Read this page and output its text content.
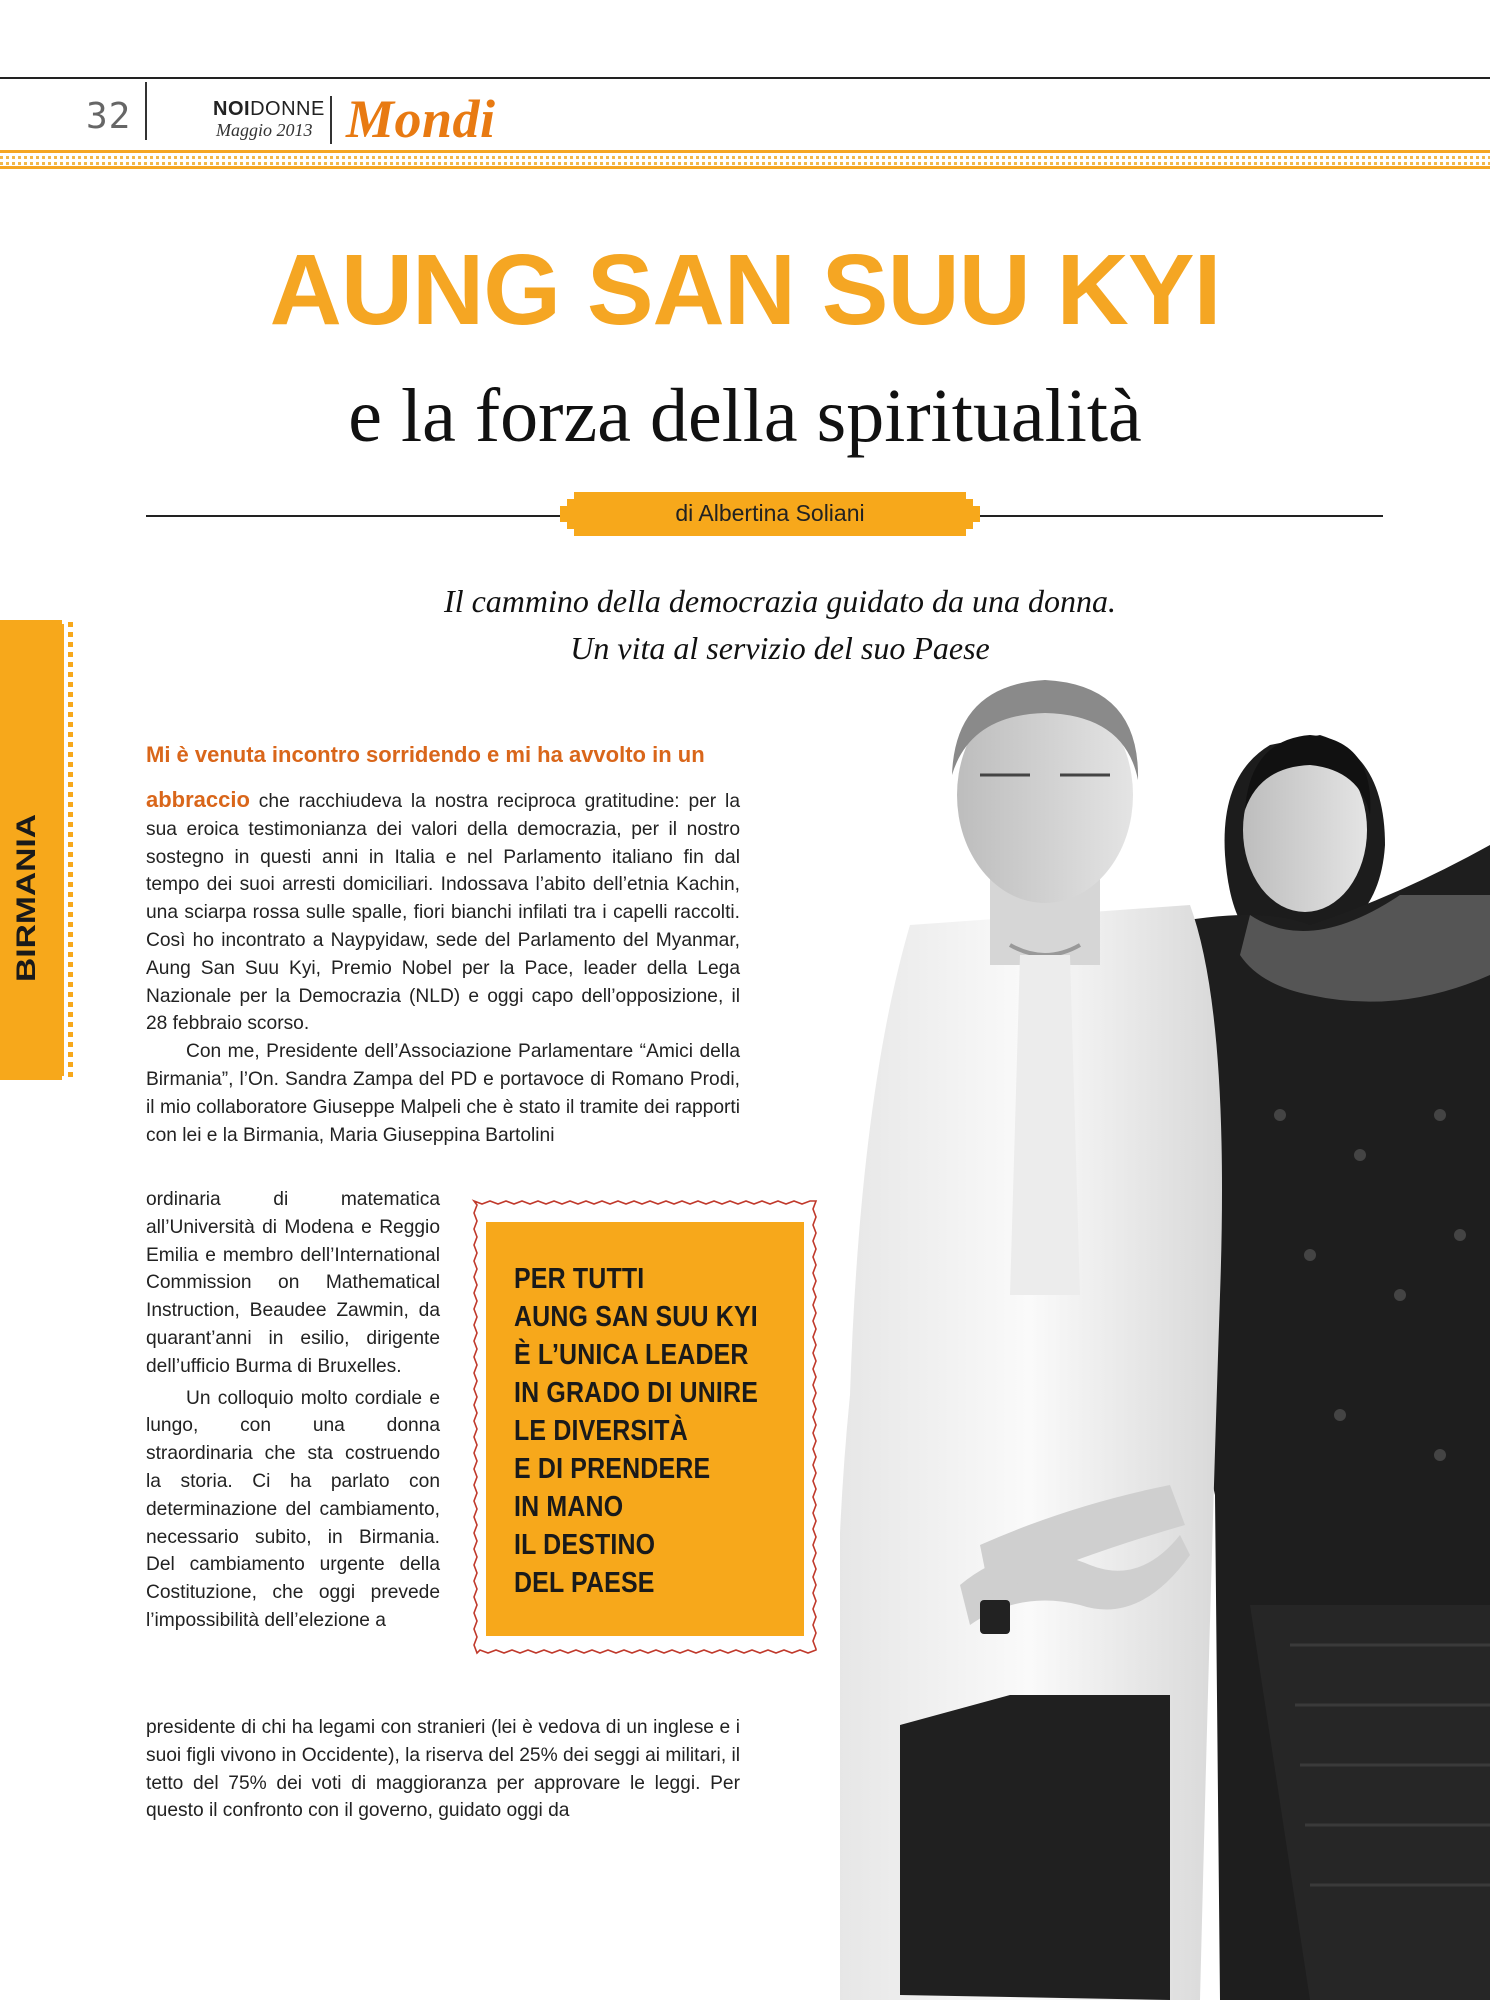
32	NOIDONNE
Maggio 2013 Mondi
AUNG SAN SUU KYI
e la forza della spiritualità
di Albertina Soliani
Il cammino della democrazia guidato da una donna.
Un vita al servizio del suo Paese
BIRMANIA
Mi è venuta incontro sorridendo e mi ha avvolto in un

abbraccio che racchiudeva la nostra reciproca gratitudine: per la sua eroica testimonianza dei valori della democrazia, per il nostro sostegno in questi anni in Italia e nel Parlamento italiano fin dal tempo dei suoi arresti domiciliari. Indossava l’abito dell’etnia Kachin, una sciarpa rossa sulle spalle, fiori bianchi infilati tra i capelli raccolti. Così ho incontrato a Naypyidaw, sede del Parlamento del Myanmar, Aung San Suu Kyi, Premio Nobel per la Pace, leader della Lega Nazionale per la Democrazia (NLD) e oggi capo dell’opposizione, il 28 febbraio scorso.

Con me, Presidente dell’Associazione Parlamentare “Amici della Birmania”, l’On. Sandra Zampa del PD e portavoce di Romano Prodi, il mio collaboratore Giuseppe Malpeli che è stato il tramite dei rapporti con lei e la Birmania, Maria Giuseppina Bartolini

ordinaria di matematica all’Università di Modena e Reggio Emilia e membro dell’International Commission on Mathematical Instruction, Beaudee Zawmin, da quarant’anni in esilio, dirigente dell’ufficio Burma di Bruxelles.

Un colloquio molto cordiale e lungo, con una donna straordinaria che sta costruendo la storia. Ci ha parlato con determinazione del cambiamento, necessario subito, in Birmania. Del cambiamento urgente della Costituzione, che oggi prevede l’impossibilità dell’elezione a

presidente di chi ha legami con stranieri (lei è vedova di un inglese e i suoi figli vivono in Occidente), la riserva del 25% dei seggi ai militari, il tetto del 75% dei voti di maggioranza per approvare le leggi. Per questo il confronto con il governo, guidato oggi da

PER TUTTI
AUNG SAN SUU KYI
È L’UNICA LEADER
IN GRADO DI UNIRE
LE DIVERSITÀ
E DI PRENDERE
IN MANO
IL DESTINO
DEL PAESE
